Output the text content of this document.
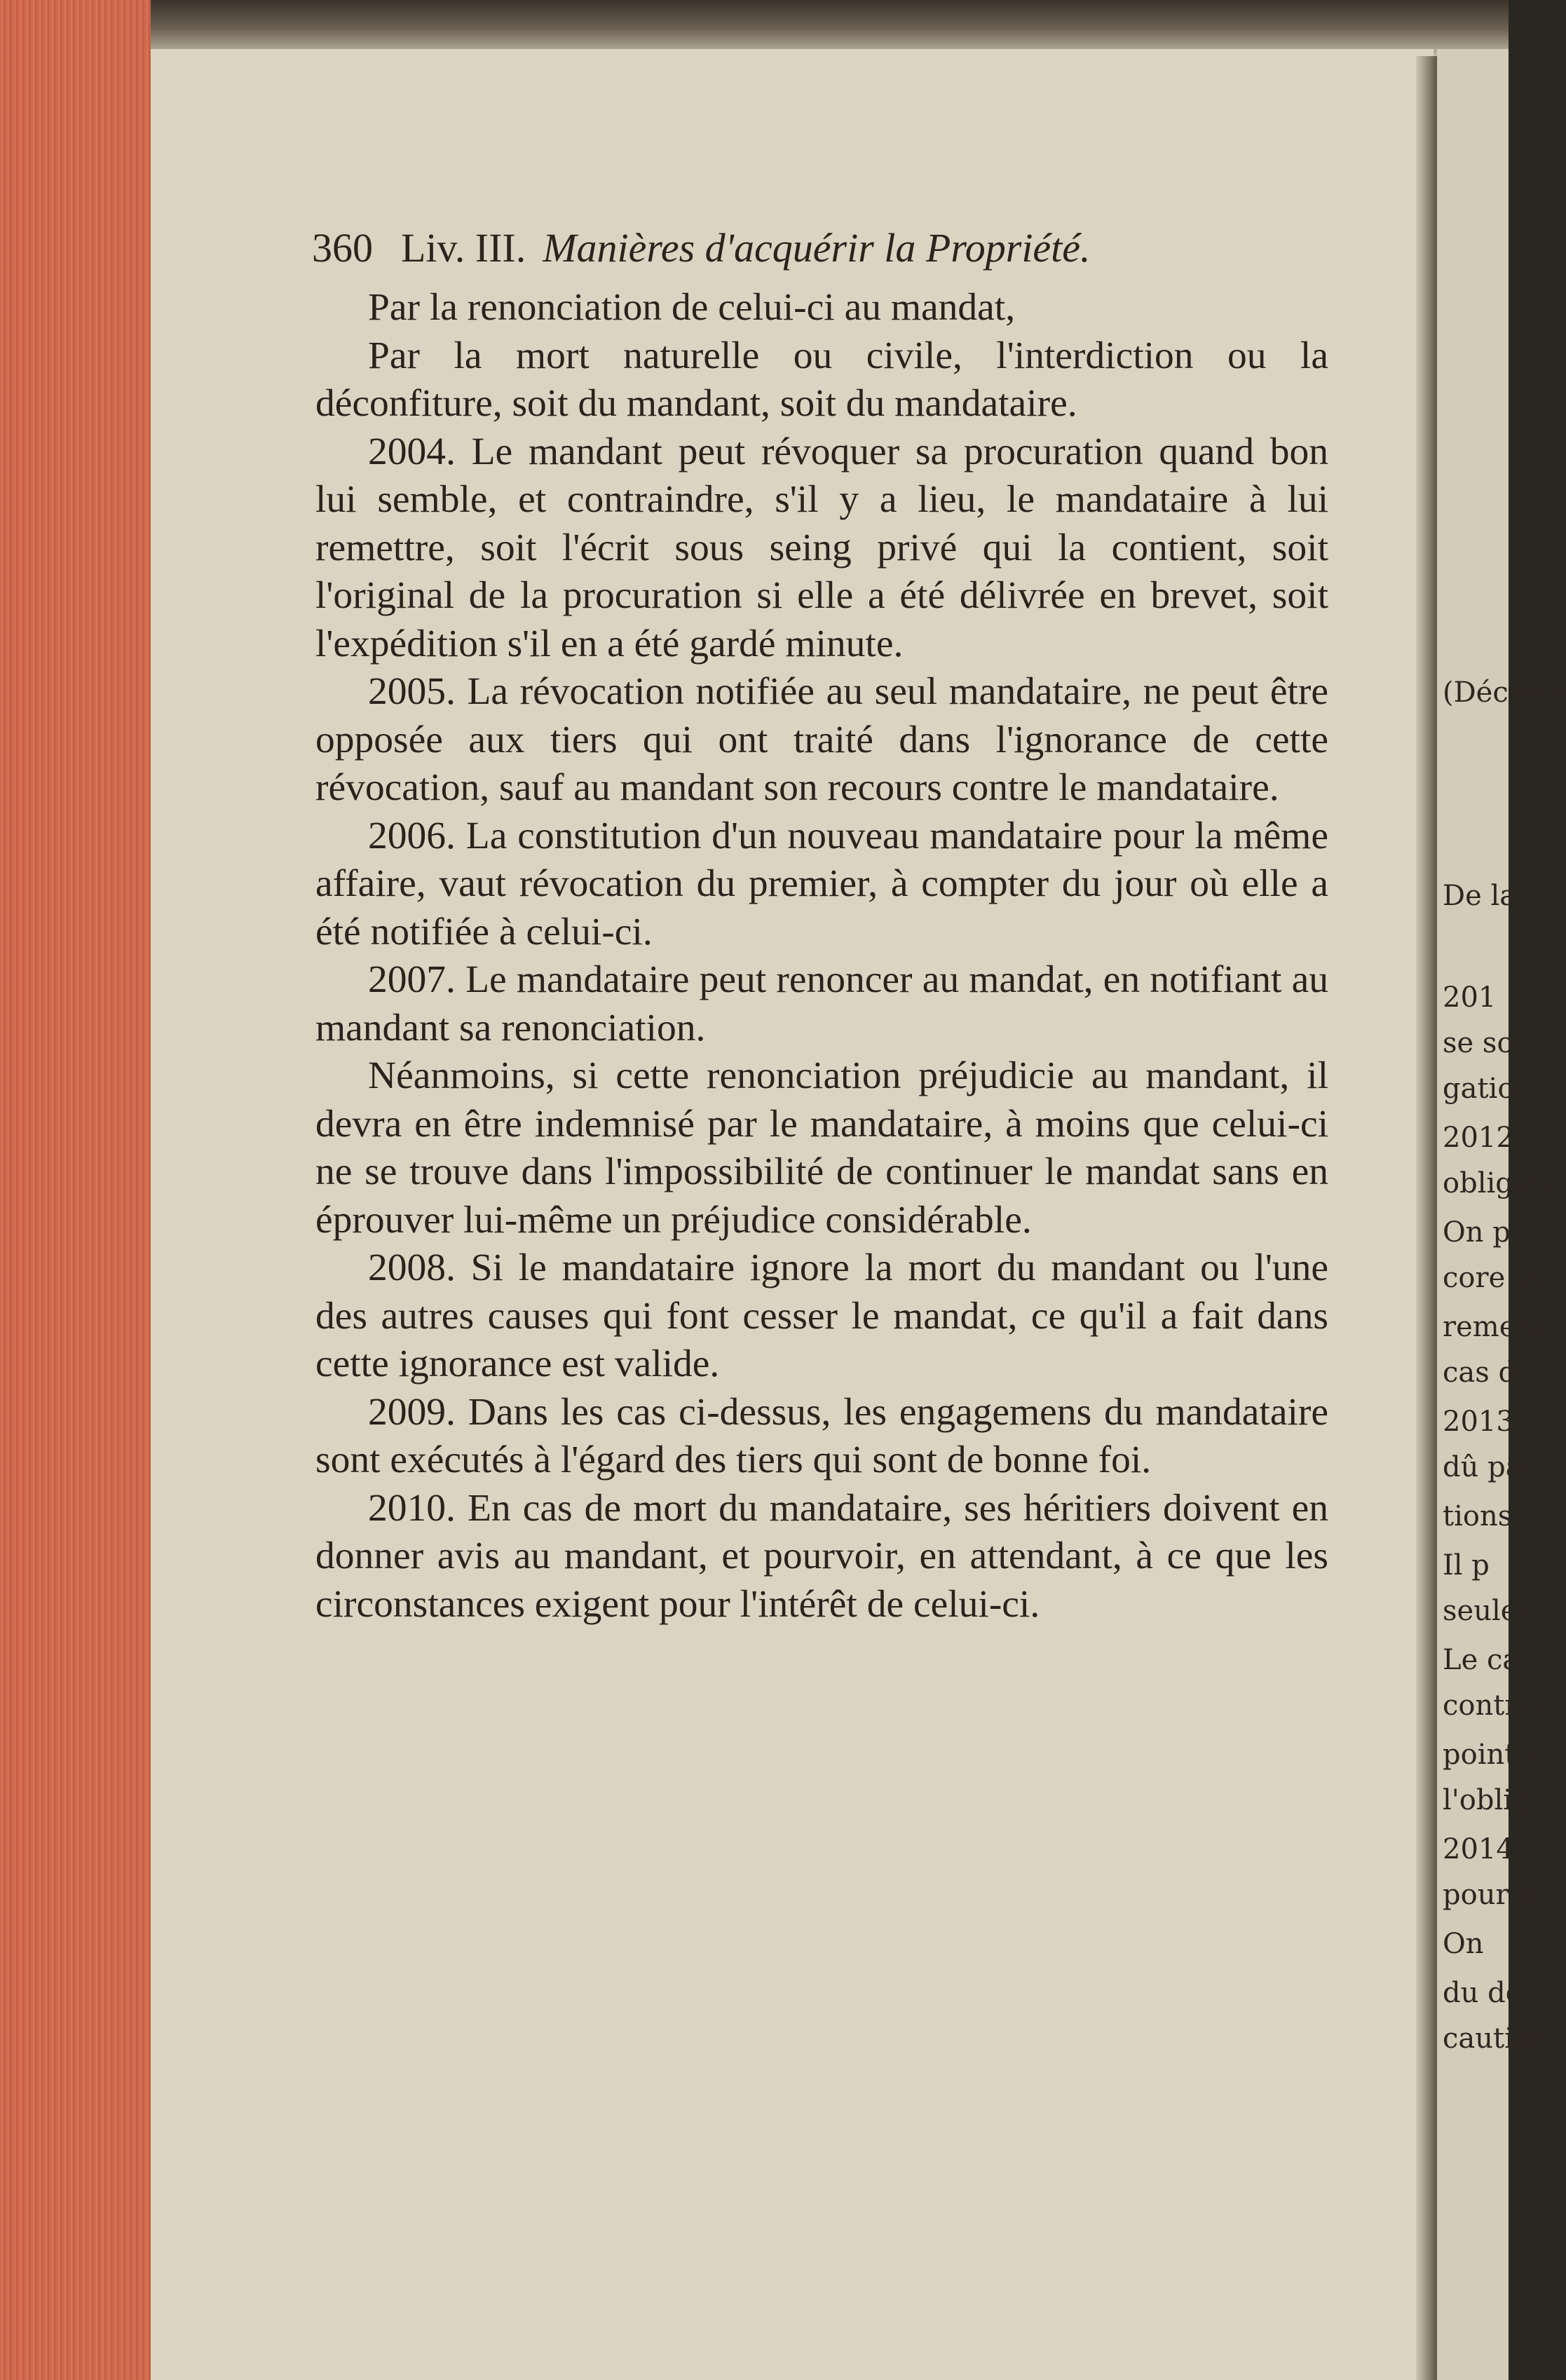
(Décrété
De la
201
se sou
gation
2012
obligati
On p
core qu
rement
cas de
2013
dû par
tions p
Il p
seulem
Le ca
contrac
point n
l'oblig
2014
pour le
On
du déb
caution
360 Liv. III. Manières d'acquérir la Propriété.

Par la renonciation de celui-ci au mandat,

Par la mort naturelle ou civile, l'interdiction ou la déconfiture, soit du mandant, soit du mandataire.

2004. Le mandant peut révoquer sa procuration quand bon lui semble, et contraindre, s'il y a lieu, le mandataire à lui remettre, soit l'écrit sous seing privé qui la contient, soit l'original de la procuration si elle a été délivrée en brevet, soit l'expédition s'il en a été gardé minute.

2005. La révocation notifiée au seul mandataire, ne peut être opposée aux tiers qui ont traité dans l'ignorance de cette révocation, sauf au mandant son recours contre le mandataire.

2006. La constitution d'un nouveau mandataire pour la même affaire, vaut révocation du premier, à compter du jour où elle a été notifiée à celui-ci.

2007. Le mandataire peut renoncer au mandat, en notifiant au mandant sa renonciation.

Néanmoins, si cette renonciation préjudicie au mandant, il devra en être indemnisé par le mandataire, à moins que celui-ci ne se trouve dans l'impossibilité de continuer le mandat sans en éprouver lui-même un préjudice considérable.

2008. Si le mandataire ignore la mort du mandant ou l'une des autres causes qui font cesser le mandat, ce qu'il a fait dans cette ignorance est valide.

2009. Dans les cas ci-dessus, les engagemens du mandataire sont exécutés à l'égard des tiers qui sont de bonne foi.

2010. En cas de mort du mandataire, ses héritiers doivent en donner avis au mandant, et pourvoir, en attendant, à ce que les circonstances exigent pour l'intérêt de celui-ci.
